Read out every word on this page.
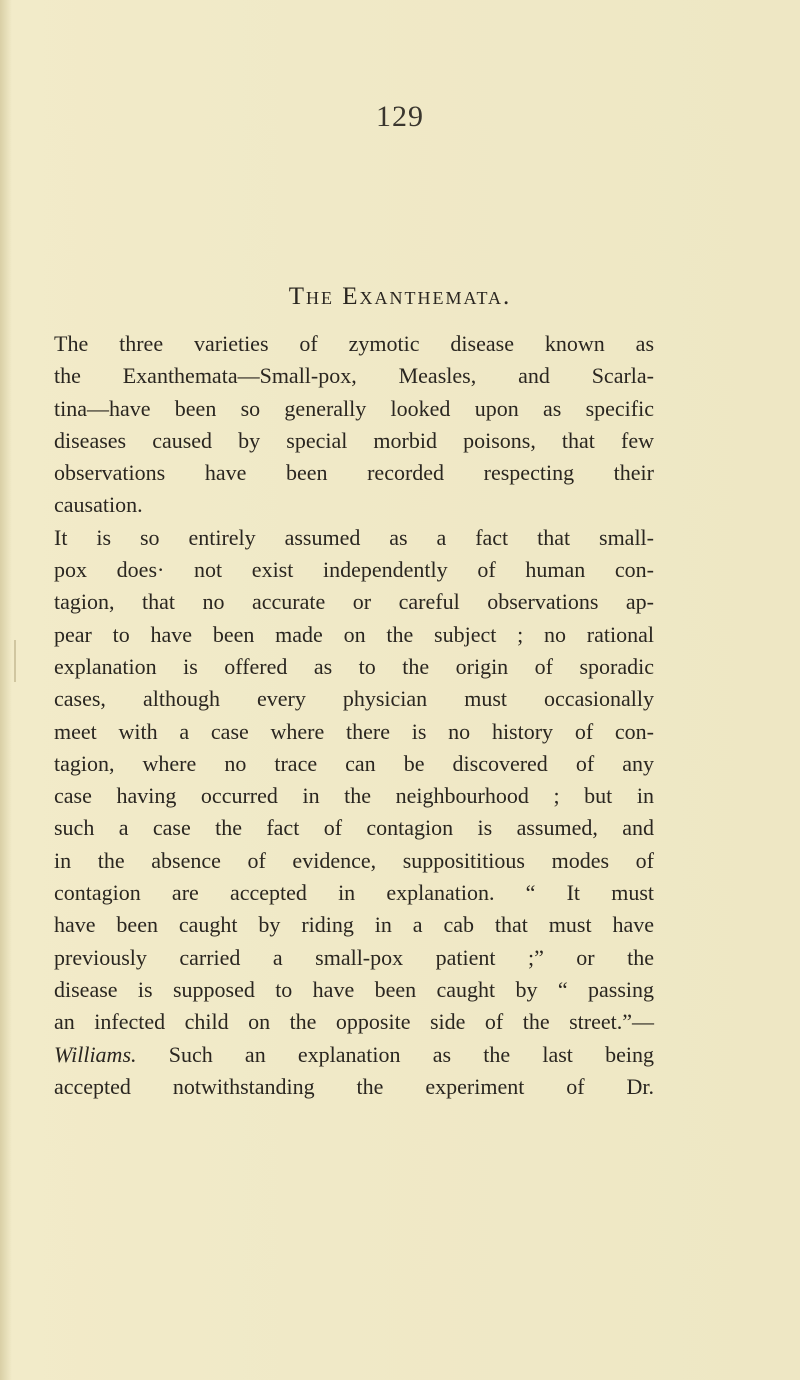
129
The Exanthemata.
The three varieties of zymotic disease known as
the Exanthemata—Small-pox, Measles, and Scarla-
tina—have been so generally looked upon as specific
diseases caused by special morbid poisons, that few
observations have been recorded respecting their
causation.
It is so entirely assumed as a fact that small-
pox does· not exist independently of human con-
tagion, that no accurate or careful observations ap-
pear to have been made on the subject ; no rational
explanation is offered as to the origin of sporadic
cases, although every physician must occasionally
meet with a case where there is no history of con-
tagion, where no trace can be discovered of any
case having occurred in the neighbourhood ; but in
such a case the fact of contagion is assumed, and
in the absence of evidence, supposititious modes of
contagion are accepted in explanation. “ It must
have been caught by riding in a cab that must have
previously carried a small-pox patient ;” or the
disease is supposed to have been caught by “ passing
an infected child on the opposite side of the street.”—
Williams. Such an explanation as the last being
accepted notwithstanding the experiment of Dr.
